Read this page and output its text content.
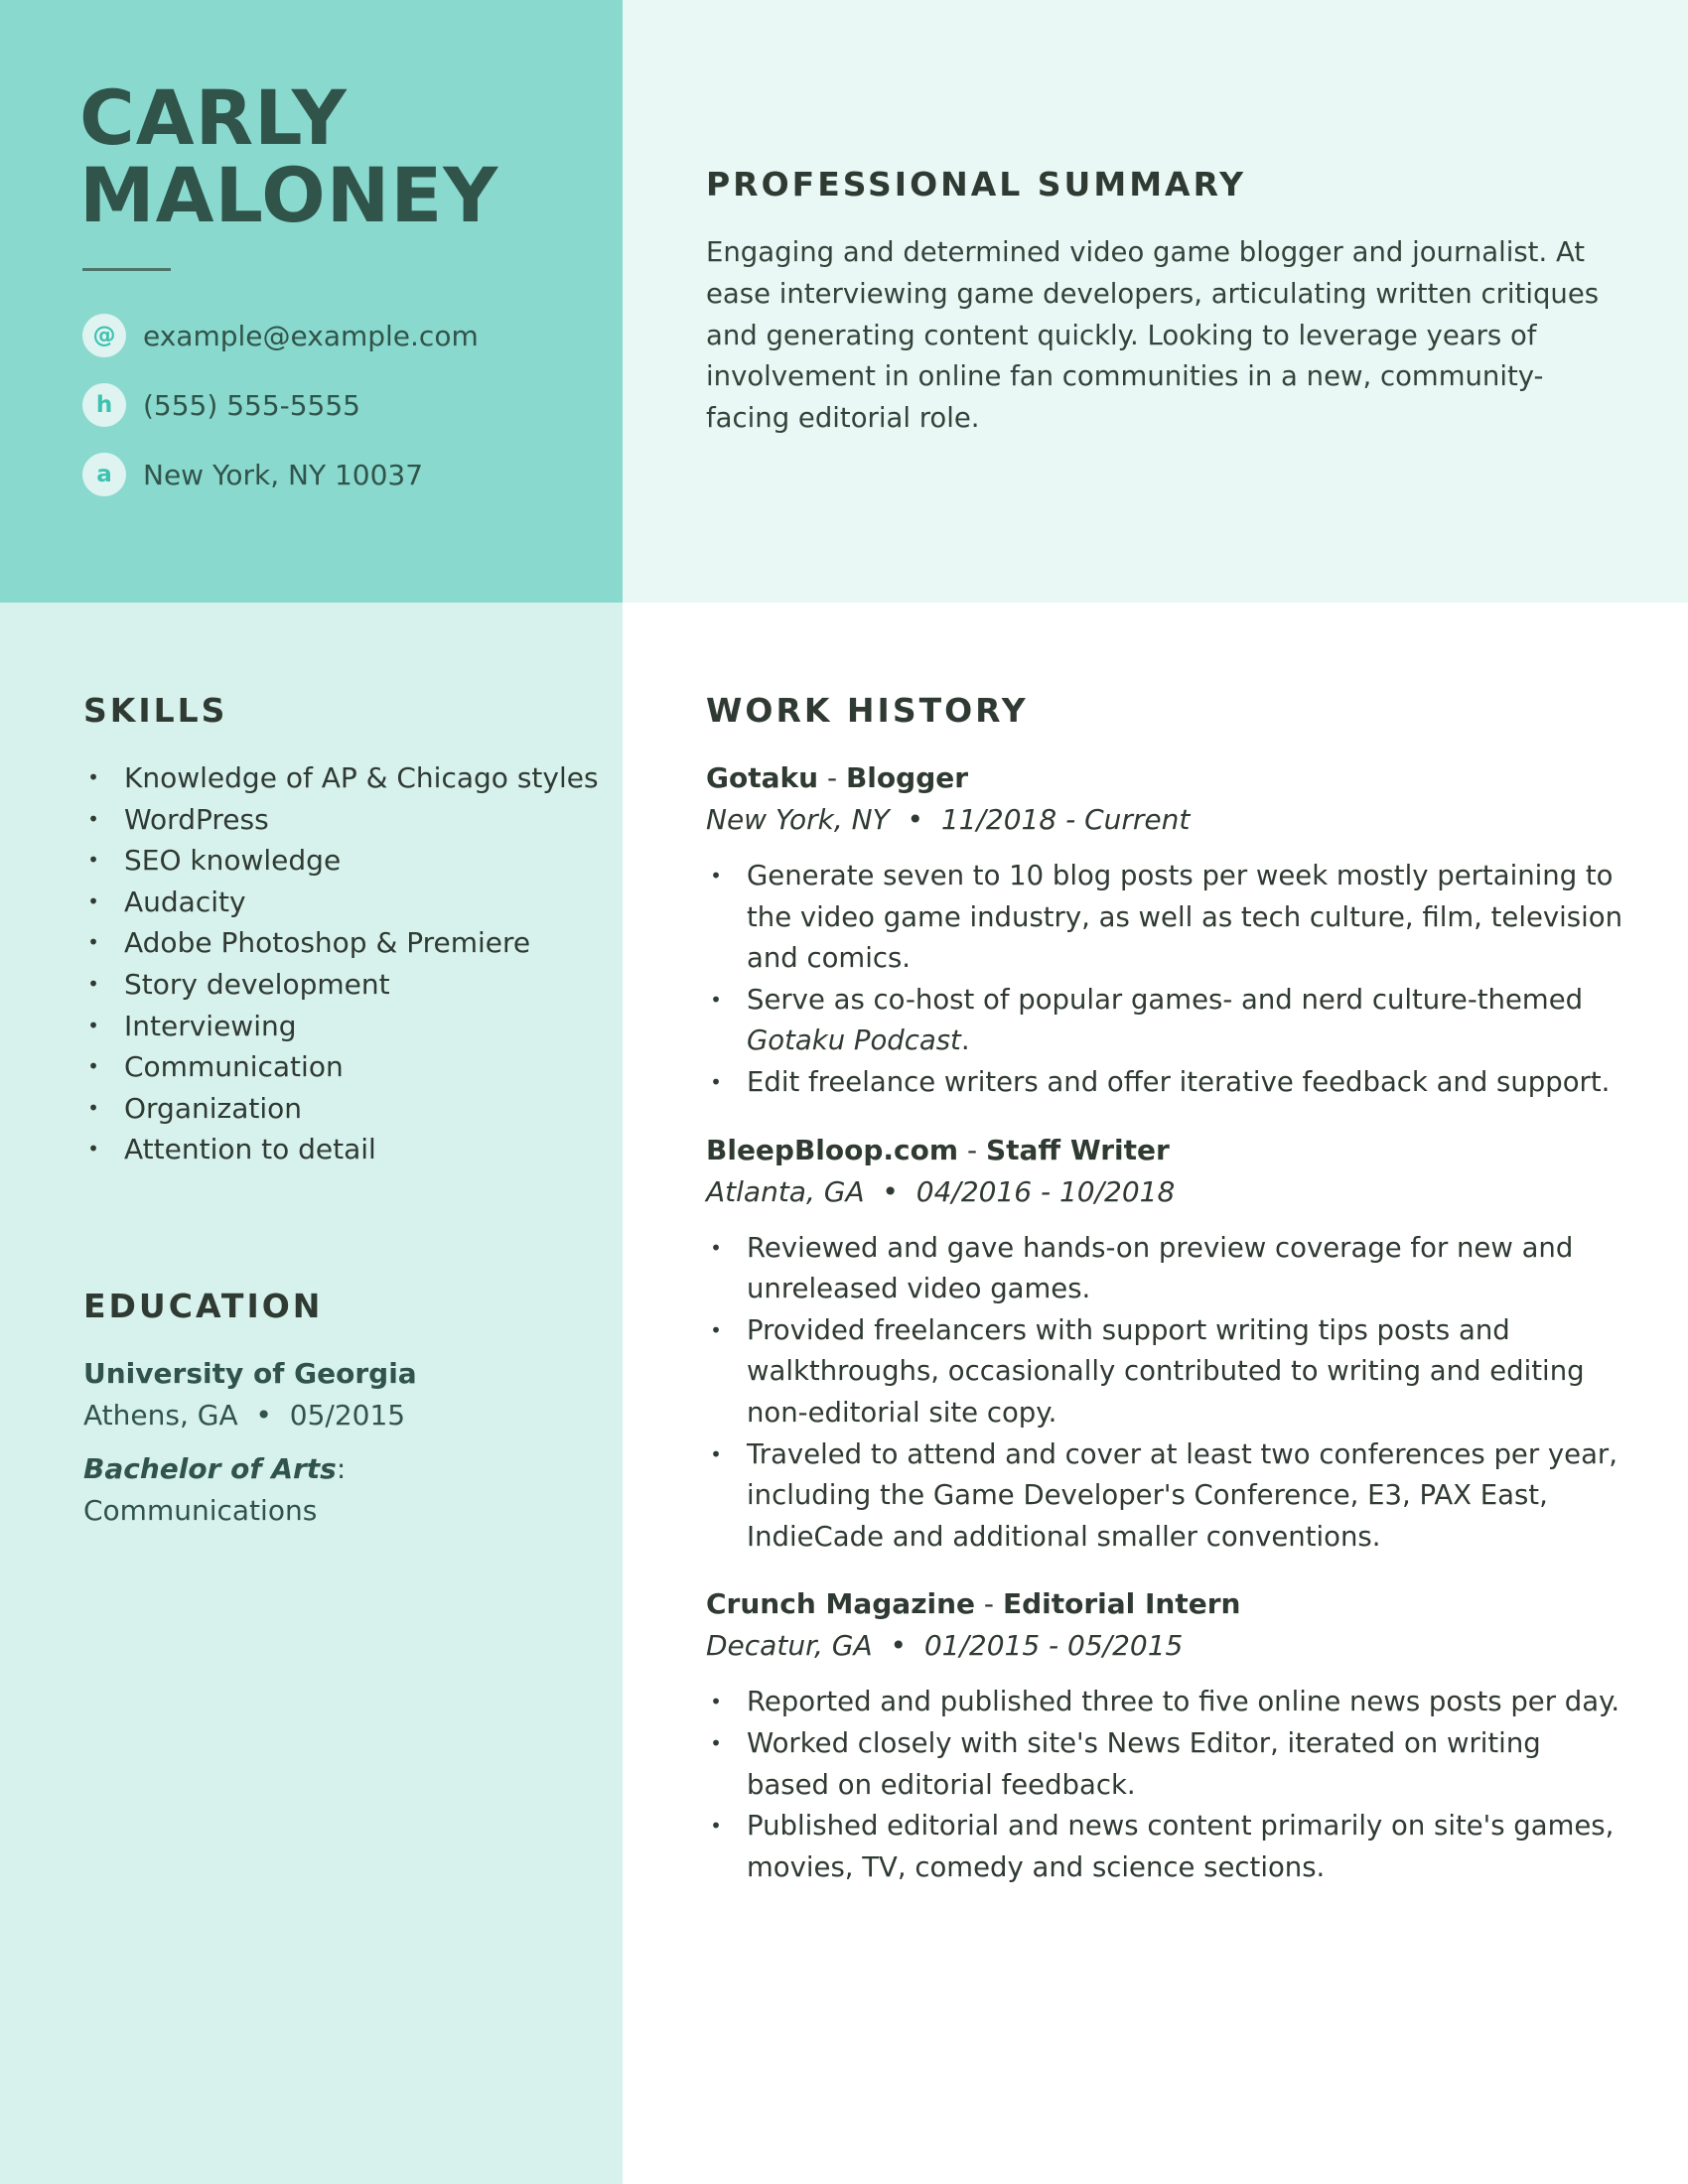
CARLY
MALONEY
@ example@example.com
h	(555) 555-5555
a	New York, NY 10037
PROFESSIONAL SUMMARY

Engaging and determined video game blogger and journalist. At ease interviewing game developers, articulating written critiques and generating content quickly. Looking to leverage years of involvement in online fan communities in a new, community-facing editorial role.

SKILLS
• Knowledge of AP & Chicago styles
• WordPress
• SEO knowledge
• Audacity
• Adobe Photoshop & Premiere
• Story development
• Interviewing
• Communication
• Organization
• Attention to detail
EDUCATION
University of Georgia
Athens, GA • 05/2015
Bachelor of Arts:
Communications
WORK HISTORY
Gotaku - Blogger
New York, NY • 11/2018 - Current
• Generate seven to 10 blog posts per week mostly pertaining to the video game industry, as well as tech culture, film, television and comics.
• Serve as co-host of popular games- and nerd culture-themed Gotaku Podcast.
• Edit freelance writers and offer iterative feedback and support.
BleepBloop.com - Staff Writer
Atlanta, GA • 04/2016 - 10/2018
• Reviewed and gave hands-on preview coverage for new and unreleased video games.
• Provided freelancers with support writing tips posts and walkthroughs, occasionally contributed to writing and editing non-editorial site copy.
• Traveled to attend and cover at least two conferences per year, including the Game Developer's Conference, E3, PAX East, IndieCade and additional smaller conventions.
Crunch Magazine - Editorial Intern
Decatur, GA • 01/2015 - 05/2015
• Reported and published three to five online news posts per day.
• Worked closely with site's News Editor, iterated on writing based on editorial feedback.
• Published editorial and news content primarily on site's games, movies, TV, comedy and science sections.
